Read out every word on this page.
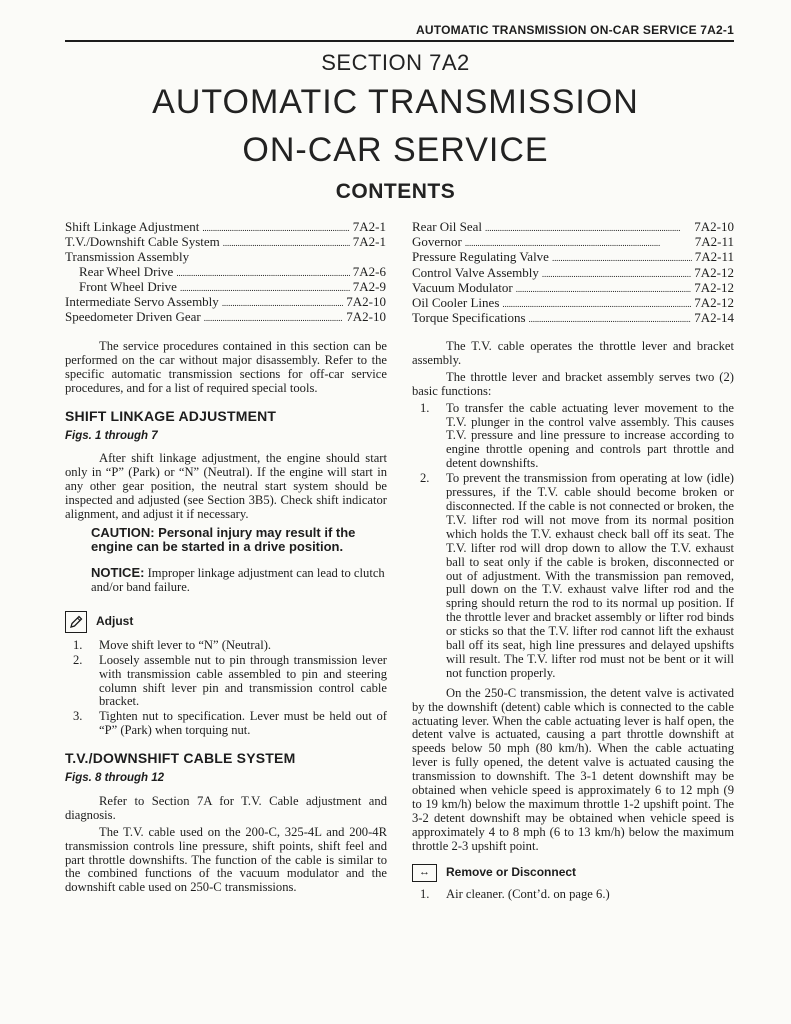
AUTOMATIC TRANSMISSION ON-CAR SERVICE 7A2-1
SECTION 7A2
AUTOMATIC TRANSMISSION
ON-CAR SERVICE
CONTENTS
Shift Linkage Adjustment . . .	7A2-1
T.V./Downshift Cable System . . .	7A2-1
Transmission Assembly
Rear Wheel Drive . . .	7A2-6
Front Wheel Drive . . .	7A2-9
Intermediate Servo Assembly . . .	7A2-10
Speedometer Driven Gear . . .	7A2-10
Rear Oil Seal . . .	7A2-10
Governor . . .	7A2-11
Pressure Regulating Valve . . .	7A2-11
Control Valve Assembly . . .	7A2-12
Vacuum Modulator . . .	7A2-12
Oil Cooler Lines . . .	7A2-12
Torque Specifications . . .	7A2-14

The service procedures contained in this section can be performed on the car without major disassembly. Refer to the specific automatic transmission sections for off-car service procedures, and for a list of required special tools.

SHIFT LINKAGE ADJUSTMENT
Figs. 1 through 7

After shift linkage adjustment, the engine should start only in “P” (Park) or “N” (Neutral). If the engine will start in any other gear position, the neutral start system should be inspected and adjusted (see Section 3B5). Check shift indicator alignment, and adjust it if necessary.

CAUTION: Personal injury may result if the engine can be started in a drive position.
NOTICE: Improper linkage adjustment can lead to clutch and/or band failure.
Adjust
1. Move shift lever to “N” (Neutral).
2. Loosely assemble nut to pin through transmission lever with transmission cable assembled to pin and steering column shift lever pin and transmission control cable bracket.
3. Tighten nut to specification. Lever must be held out of “P” (Park) when torquing nut.
T.V./DOWNSHIFT CABLE SYSTEM
Figs. 8 through 12

Refer to Section 7A for T.V. Cable adjustment and diagnosis.

The T.V. cable used on the 200-C, 325-4L and 200-4R transmission controls line pressure, shift points, shift feel and part throttle downshifts. The function of the cable is similar to the combined functions of the vacuum modulator and the downshift cable used on 250-C transmissions.

The T.V. cable operates the throttle lever and bracket assembly.

The throttle lever and bracket assembly serves two (2) basic functions:

1. To transfer the cable actuating lever movement to the T.V. plunger in the control valve assembly. This causes T.V. pressure and line pressure to increase according to engine throttle opening and controls part throttle and detent downshifts.
2. To prevent the transmission from operating at low (idle) pressures, if the T.V. cable should become broken or disconnected. If the cable is not connected or broken, the T.V. lifter rod will not move from its normal position which holds the T.V. exhaust check ball off its seat. The T.V. lifter rod will drop down to allow the T.V. exhaust ball to seat only if the cable is broken, disconnected or out of adjustment. With the transmission pan removed, pull down on the T.V. exhaust valve lifter rod and the spring should return the rod to its normal up position. If the throttle lever and bracket assembly or lifter rod binds or sticks so that the T.V. lifter rod cannot lift the exhaust ball off its seat, high line pressures and delayed upshifts will result. The T.V. lifter rod must not be bent or it will not function properly.

On the 250-C transmission, the detent valve is activated by the downshift (detent) cable which is connected to the cable actuating lever. When the cable actuating lever is half open, the detent valve is actuated, causing a part throttle downshift at speeds below 50 mph (80 km/h). When the cable actuating lever is fully opened, the detent valve is actuated causing the transmission to downshift. The 3-1 detent downshift may be obtained when vehicle speed is approximately 6 to 12 mph (9 to 19 km/h) below the maximum throttle 1-2 upshift point. The 3-2 detent downshift may be obtained when vehicle speed is approximately 4 to 8 mph (6 to 13 km/h) below the maximum throttle 2-3 upshift point.

↔	Remove or Disconnect
1. Air cleaner. (Cont’d. on page 6.)
